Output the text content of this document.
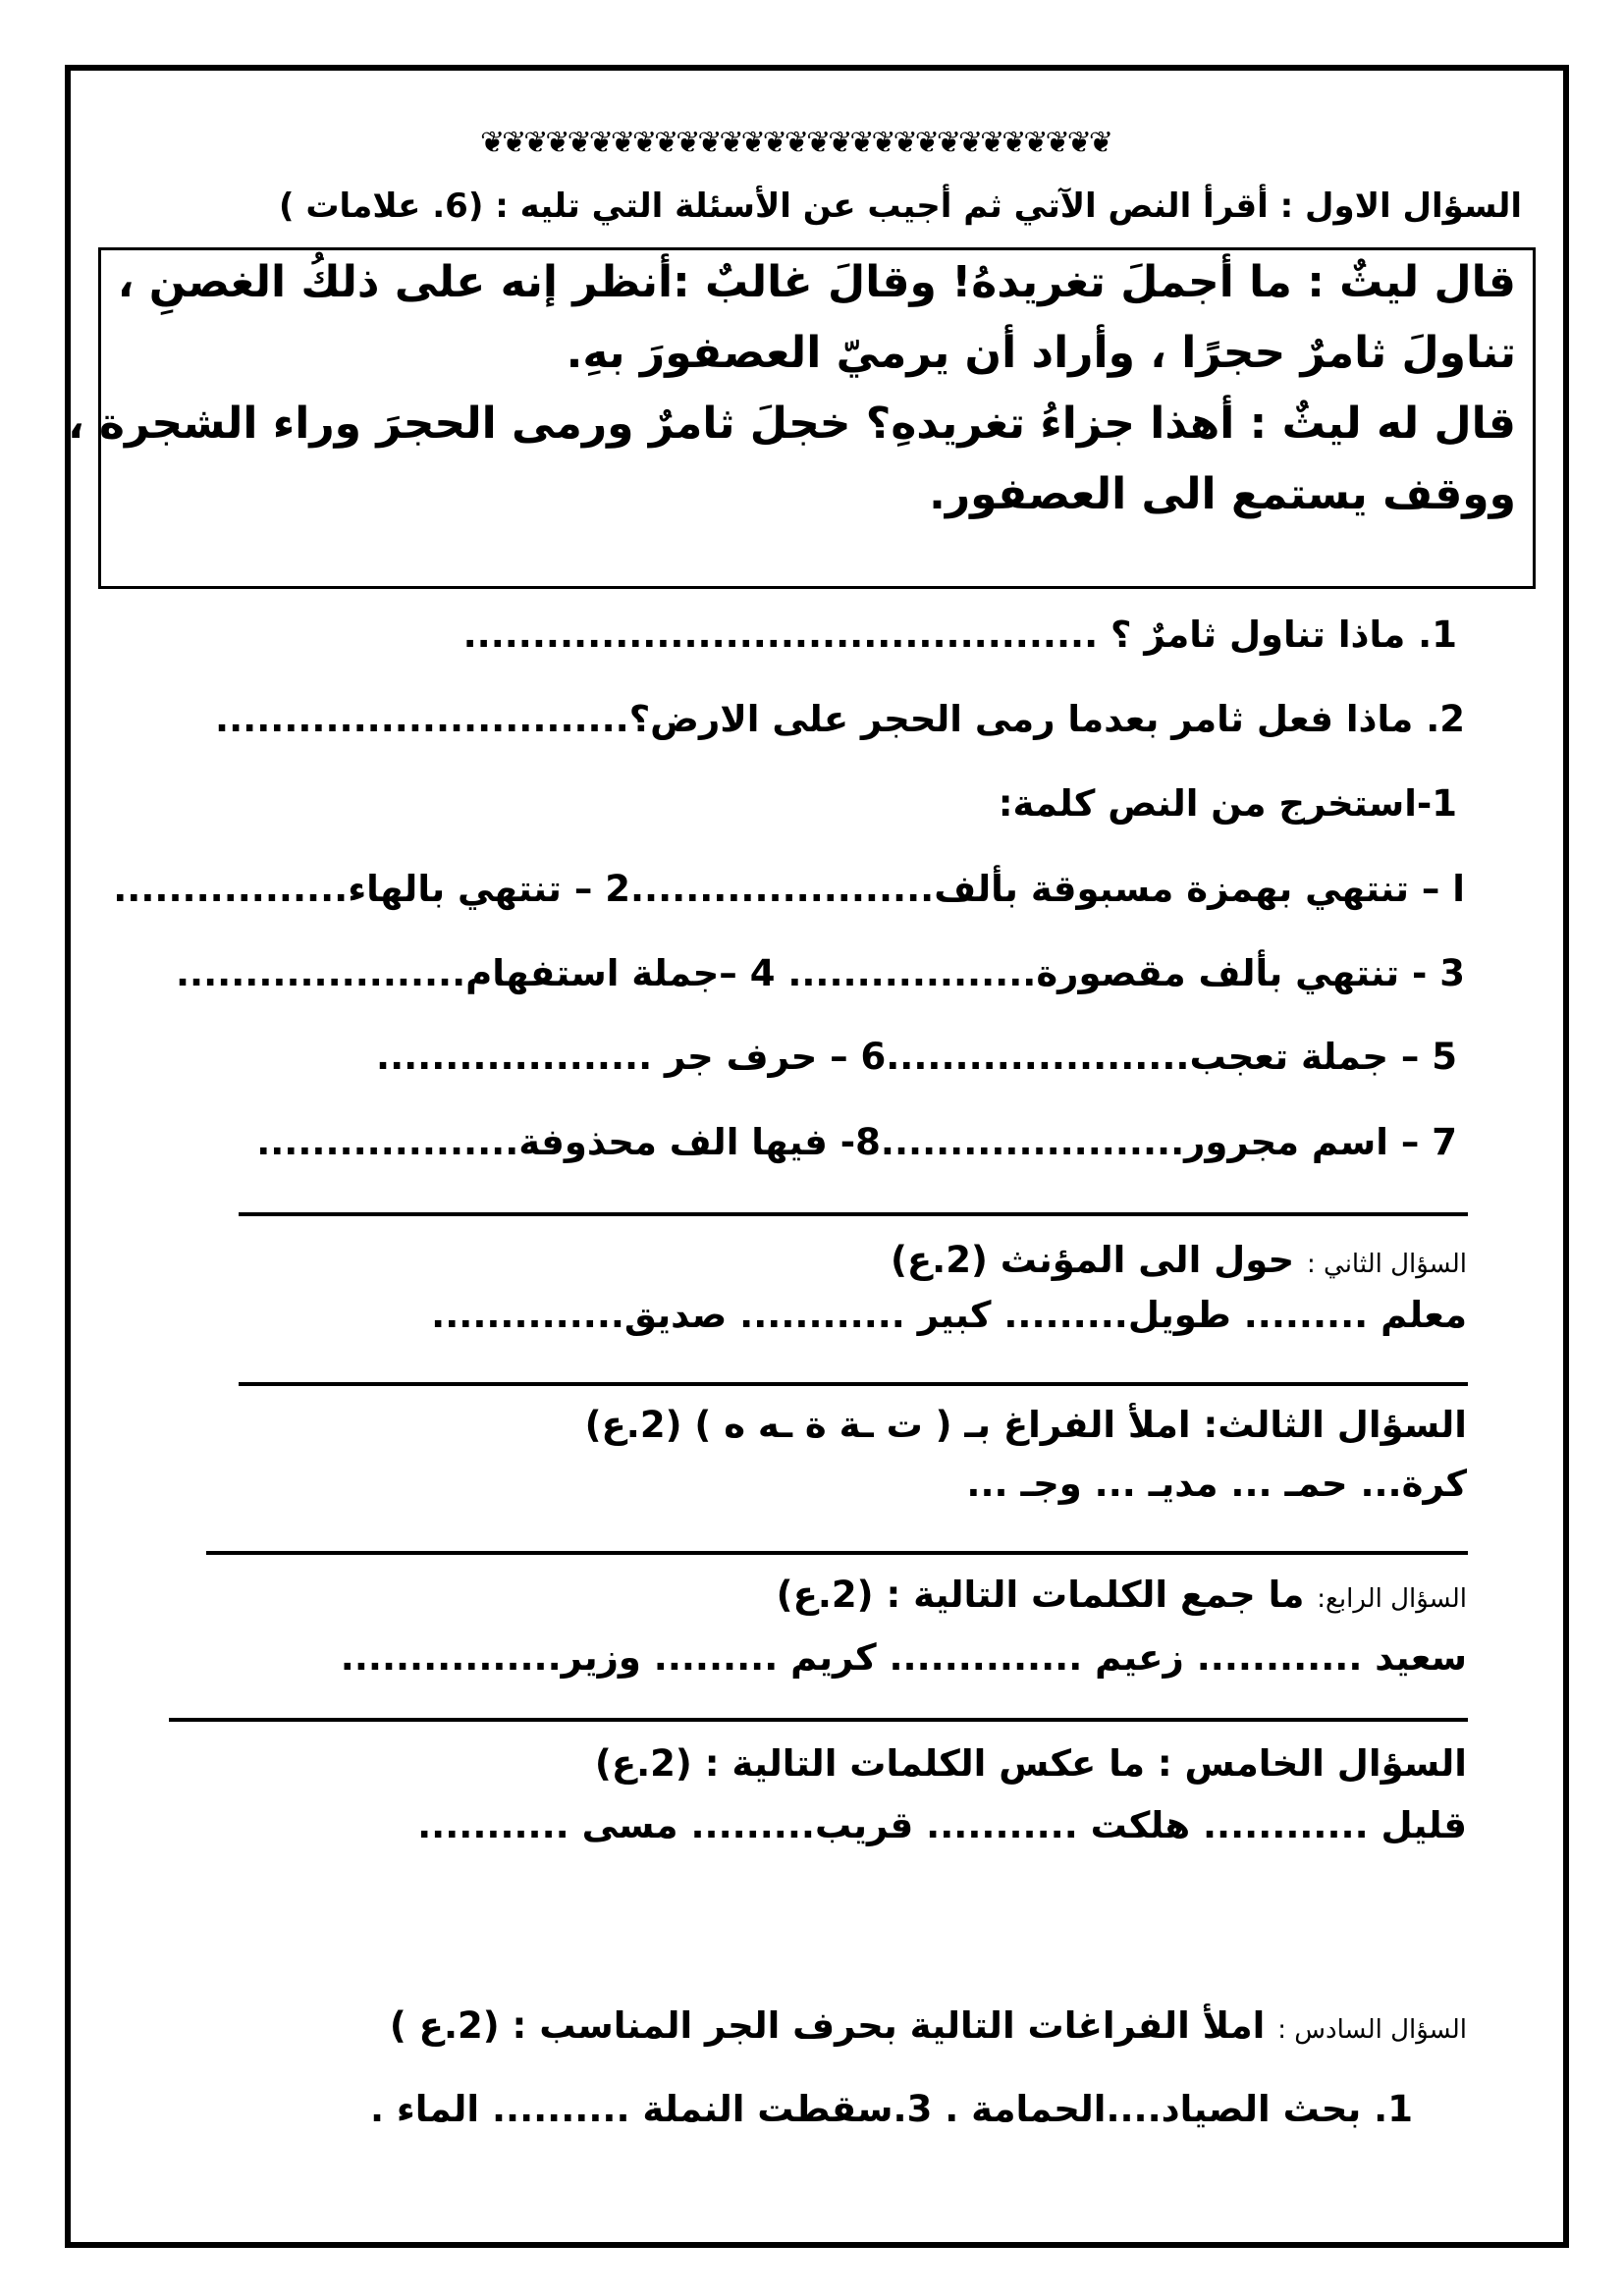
❦❦❦❦❦❦❦❦❦❦❦❦❦❦❦❦❦❦❦❦❦❦❦❦❦❦❦❦❦
السؤال الاول : أقرأ النص الآتي ثم أجيب عن الأسئلة التي تليه : (6. علامات )
قال ليثٌ : ما أجملَ تغريدهُ! وقالَ غالبٌ :أنظر إنه على ذلكُ الغصنِ ،
تناولَ ثامرٌ حجرًا ، وأراد أن يرميّ العصفورَ بهِ.
قال له ليثٌ : أهذا جزاءُ تغريدهِ؟ خجلَ ثامرٌ ورمى الحجرَ وراء الشجرة ،
ووقف يستمع الى العصفور.
1. ماذا تناول ثامرٌ ؟ ..............................................
2. ماذا فعل ثامر بعدما رمى الحجر على الارض؟..............................
1-استخرج من النص كلمة:
ا – تنتهي بهمزة مسبوقة بألف......................2 – تنتهي بالهاء.................
3 - تنتهي بألف مقصورة.................. 4 –جملة استفهام.....................
5 – جملة تعجب......................6 – حرف جر ....................
7 – اسم مجرور......................8- فيها الف محذوفة...................
السؤال الثاني : حول الى المؤنث (2.ع)
معلم ......... طويل......... كبير ............ صديق..............
السؤال الثالث: املأ الفراغ بـ ( ت ـة ة ـه ه ) (2.ع)
كرة... حمـ ... مديـ ... وجـ ...
السؤال الرابع: ما جمع الكلمات التالية : (2.ع)
سعيد ............ زعيم .............. كريم ......... وزير................
السؤال الخامس : ما عكس الكلمات التالية : (2.ع)
قليل ............ هلكت ........... قريب......... مسى ...........
السؤال السادس : املأ الفراغات التالية بحرف الجر المناسب : (2.ع )
1. بحث الصياد....الحمامة . 3.سقطت النملة .......... الماء .
